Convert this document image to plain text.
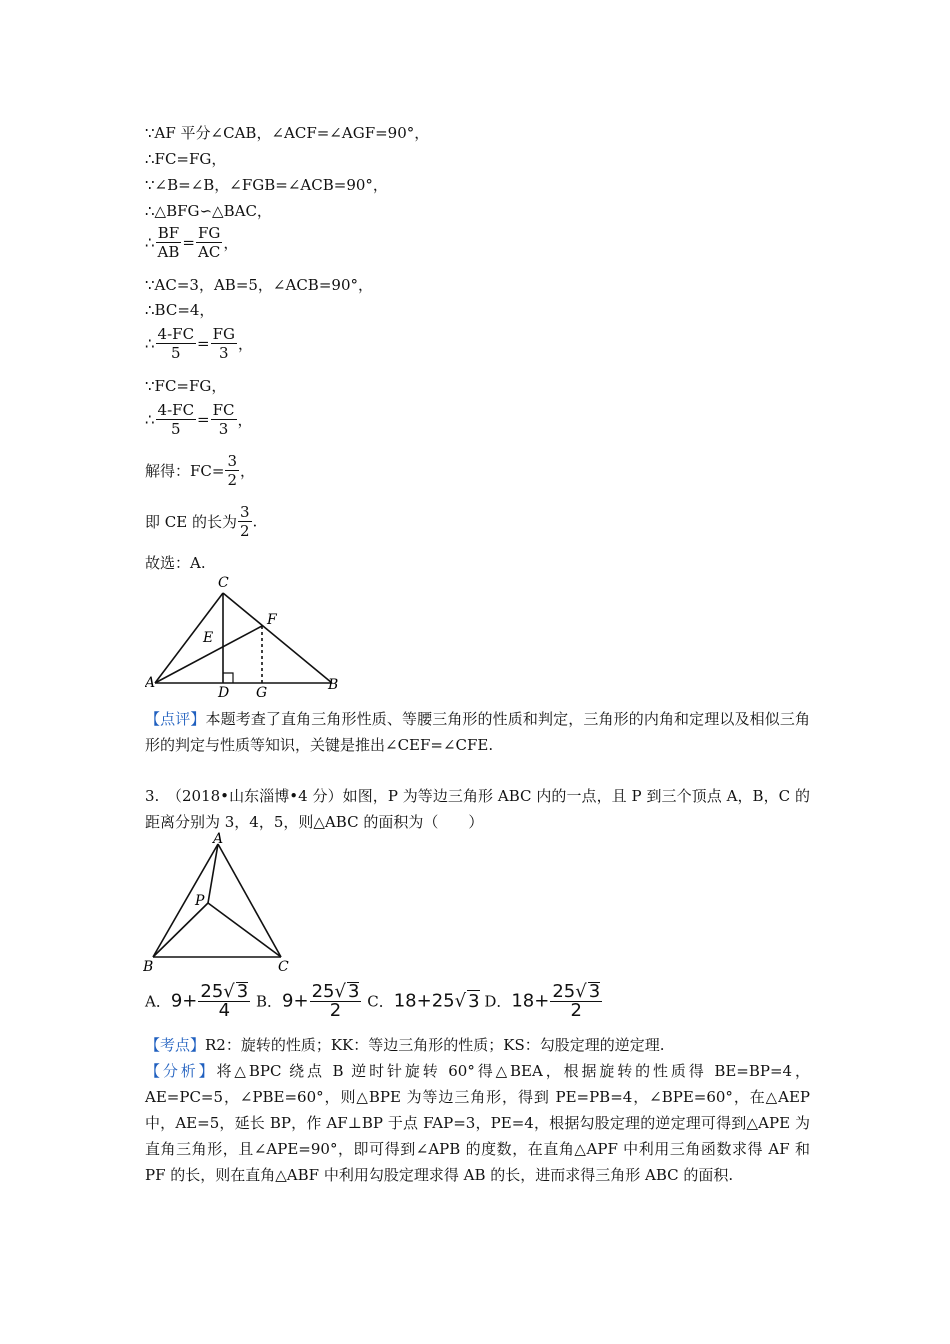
∵AF 平分∠CAB，∠ACF=∠AGF=90°，
∴FC=FG，
∵∠B=∠B，∠FGB=∠ACB=90°，
∴△BFG∽△BAC，
∴ $\frac{BF}{AB} = \frac{FG}{AC}$ ，
∵AC=3，AB=5，∠ACB=90°，
∴BC=4，
∴ $\frac{4-FC}{5} = \frac{FG}{3}$ ，
∵FC=FG，
∴ $\frac{4-FC}{5} = \frac{FC}{3}$ ，
解得：$FC= \frac{3}{2}$ ，
即 CE 的长为 $\frac{3}{2}$ .
故选：A.
C
F
E
A
D G	B
【点评】本题考查了直角三角形性质、等腰三角形的性质和判定，三角形的内角和定理以及相似三角形的判定与性质等知识，关键是推出∠CEF=∠CFE.
3.　（2018•山东淄博•4 分）如图，P 为等边三角形 ABC 内的一点，且 P 到三个顶点 A，B，C 的距离分别为 3，4，5，则△ABC 的面积为（　　）
A
P
B	C
A．$9+ \frac{25√ 3}{4}$ B．$9+ \frac{25√ 3}{2}$ C．18+25√ 3 D．$18+ \frac{25√ 3}{2}$
【考点】R2：旋转的性质；KK：等边三角形的性质；KS：勾股定理的逆定理.
【分析】将△BPC 绕点 B 逆时针旋转 60°得△BEA，根据旋转的性质得 BE=BP=4，AE=PC=5，∠PBE=60°，则△BPE 为等边三角形，得到 PE=PB=4，∠BPE=60°，在△AEP 中，AE=5，延长 BP，作 AF⊥BP 于点 FAP=3，PE=4，根据勾股定理的逆定理可得到△APE 为直角三角形，且∠APE=90°，即可得到∠APB 的度数，在直角△APF 中利用三角函数求得 AF 和 PF 的长，则在直角△ABF 中利用勾股定理求得 AB 的长，进而求得三角形 ABC 的面积.
